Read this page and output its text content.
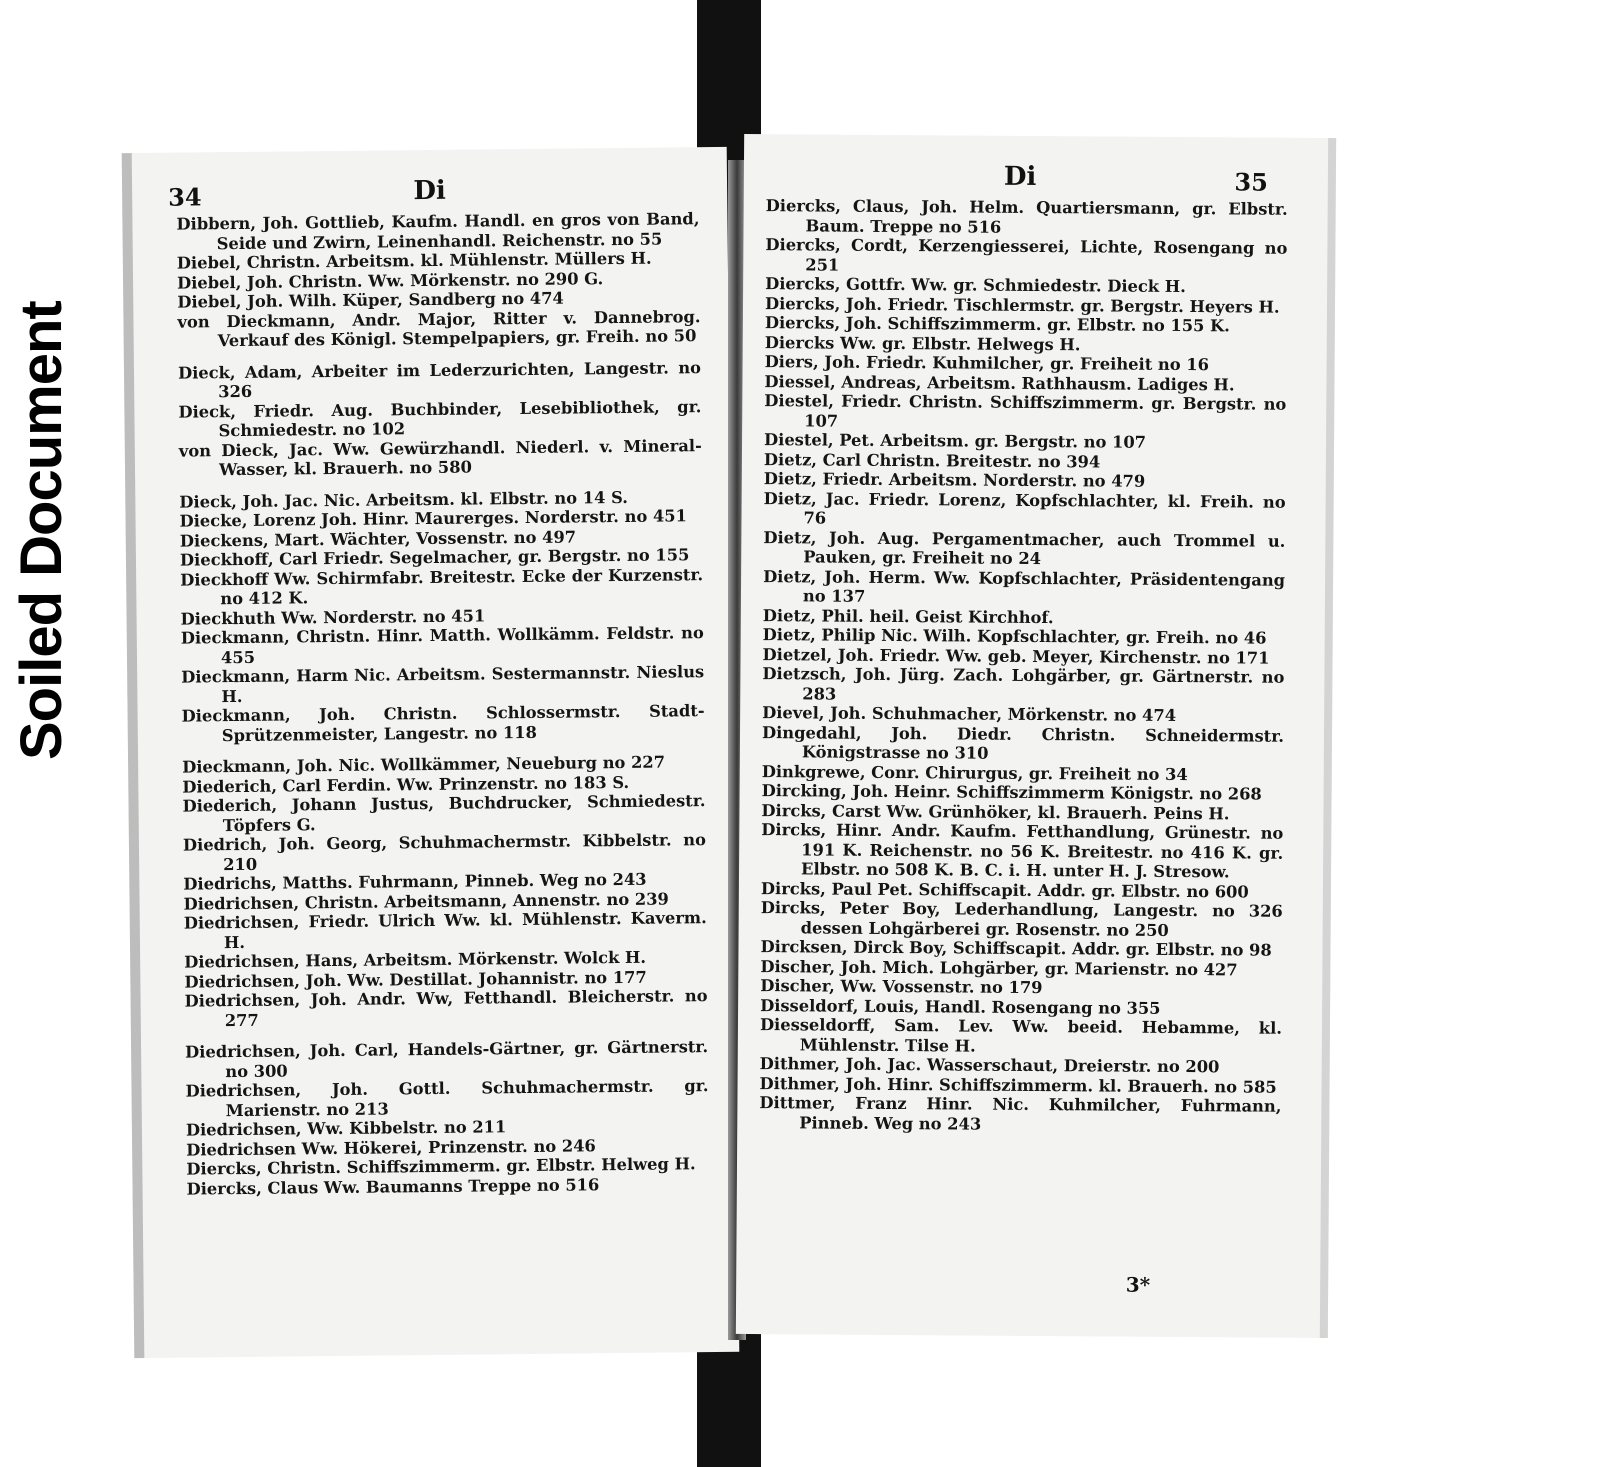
Soiled Document
34	Di
Dibbern, Joh. Gottlieb, Kaufm. Handl. en gros von Band, Seide und Zwirn, Leinenhandl. Reichenstr. no 55
Diebel, Christn. Arbeitsm. kl. Mühlenstr. Müllers H.
Diebel, Joh. Christn. Ww. Mörkenstr. no 290 G.
Diebel, Joh. Wilh. Küper, Sandberg no 474
von Dieckmann, Andr. Major, Ritter v. Dannebrog. Verkauf des Königl. Stempelpapiers, gr. Freih. no 50
Dieck, Adam, Arbeiter im Lederzurichten, Langestr. no 326
Dieck, Friedr. Aug. Buchbinder, Lesebibliothek, gr. Schmiedestr. no 102
von Dieck, Jac. Ww. Gewürzhandl. Niederl. v. Mineral-Wasser, kl. Brauerh. no 580
Dieck, Joh. Jac. Nic. Arbeitsm. kl. Elbstr. no 14 S.
Diecke, Lorenz Joh. Hinr. Maurerges. Norderstr. no 451
Dieckens, Mart. Wächter, Vossenstr. no 497
Dieckhoff, Carl Friedr. Segelmacher, gr. Bergstr. no 155
Dieckhoff Ww. Schirmfabr. Breitestr. Ecke der Kurzenstr. no 412 K.
Dieckhuth Ww. Norderstr. no 451
Dieckmann, Christn. Hinr. Matth. Wollkämm. Feldstr. no 455
Dieckmann, Harm Nic. Arbeitsm. Sestermannstr. Nieslus H.
Dieckmann, Joh. Christn. Schlossermstr. Stadt-Sprützenmeister, Langestr. no 118
Dieckmann, Joh. Nic. Wollkämmer, Neueburg no 227
Diederich, Carl Ferdin. Ww. Prinzenstr. no 183 S.
Diederich, Johann Justus, Buchdrucker, Schmiedestr. Töpfers G.
Diedrich, Joh. Georg, Schuhmachermstr. Kibbelstr. no 210
Diedrichs, Matths. Fuhrmann, Pinneb. Weg no 243
Diedrichsen, Christn. Arbeitsmann, Annenstr. no 239
Diedrichsen, Friedr. Ulrich Ww. kl. Mühlenstr. Kaverm. H.
Diedrichsen, Hans, Arbeitsm. Mörkenstr. Wolck H.
Diedrichsen, Joh. Ww. Destillat. Johannistr. no 177
Diedrichsen, Joh. Andr. Ww, Fetthandl. Bleicherstr. no 277
Diedrichsen, Joh. Carl, Handels-Gärtner, gr. Gärtnerstr. no 300
Diedrichsen, Joh. Gottl. Schuhmachermstr. gr. Marienstr. no 213
Diedrichsen, Ww. Kibbelstr. no 211
Diedrichsen Ww. Hökerei, Prinzenstr. no 246
Diercks, Christn. Schiffszimmerm. gr. Elbstr. Helweg H.
Diercks, Claus Ww. Baumanns Treppe no 516
Di	35
Diercks, Claus, Joh. Helm. Quartiersmann, gr. Elbstr. Baum. Treppe no 516
Diercks, Cordt, Kerzengiesserei, Lichte, Rosengang no 251
Diercks, Gottfr. Ww. gr. Schmiedestr. Dieck H.
Diercks, Joh. Friedr. Tischlermstr. gr. Bergstr. Heyers H.
Diercks, Joh. Schiffszimmerm. gr. Elbstr. no 155 K.
Diercks Ww. gr. Elbstr. Helwegs H.
Diers, Joh. Friedr. Kuhmilcher, gr. Freiheit no 16
Diessel, Andreas, Arbeitsm. Rathhausm. Ladiges H.
Diestel, Friedr. Christn. Schiffszimmerm. gr. Bergstr. no 107
Diestel, Pet. Arbeitsm. gr. Bergstr. no 107
Dietz, Carl Christn. Breitestr. no 394
Dietz, Friedr. Arbeitsm. Norderstr. no 479
Dietz, Jac. Friedr. Lorenz, Kopfschlachter, kl. Freih. no 76
Dietz, Joh. Aug. Pergamentmacher, auch Trommel u. Pauken, gr. Freiheit no 24
Dietz, Joh. Herm. Ww. Kopfschlachter, Präsidentengang no 137
Dietz, Phil. heil. Geist Kirchhof.
Dietz, Philip Nic. Wilh. Kopfschlachter, gr. Freih. no 46
Dietzel, Joh. Friedr. Ww. geb. Meyer, Kirchenstr. no 171
Dietzsch, Joh. Jürg. Zach. Lohgärber, gr. Gärtnerstr. no 283
Dievel, Joh. Schuhmacher, Mörkenstr. no 474
Dingedahl, Joh. Diedr. Christn. Schneidermstr. Königstrasse no 310
Dinkgrewe, Conr. Chirurgus, gr. Freiheit no 34
Dircking, Joh. Heinr. Schiffszimmerm Königstr. no 268
Dircks, Carst Ww. Grünhöker, kl. Brauerh. Peins H.
Dircks, Hinr. Andr. Kaufm. Fetthandlung, Grünestr. no 191 K. Reichenstr. no 56 K. Breitestr. no 416 K. gr. Elbstr. no 508 K. B. C. i. H. unter H. J. Stresow.
Dircks, Paul Pet. Schiffscapit. Addr. gr. Elbstr. no 600
Dircks, Peter Boy, Lederhandlung, Langestr. no 326 dessen Lohgärberei gr. Rosenstr. no 250
Dircksen, Dirck Boy, Schiffscapit. Addr. gr. Elbstr. no 98
Discher, Joh. Mich. Lohgärber, gr. Marienstr. no 427
Discher, Ww. Vossenstr. no 179
Disseldorf, Louis, Handl. Rosengang no 355
Diesseldorff, Sam. Lev. Ww. beeid. Hebamme, kl. Mühlenstr. Tilse H.
Dithmer, Joh. Jac. Wasserschaut, Dreierstr. no 200
Dithmer, Joh. Hinr. Schiffszimmerm. kl. Brauerh. no 585
Dittmer, Franz Hinr. Nic. Kuhmilcher, Fuhrmann, Pinneb. Weg no 243
3*
